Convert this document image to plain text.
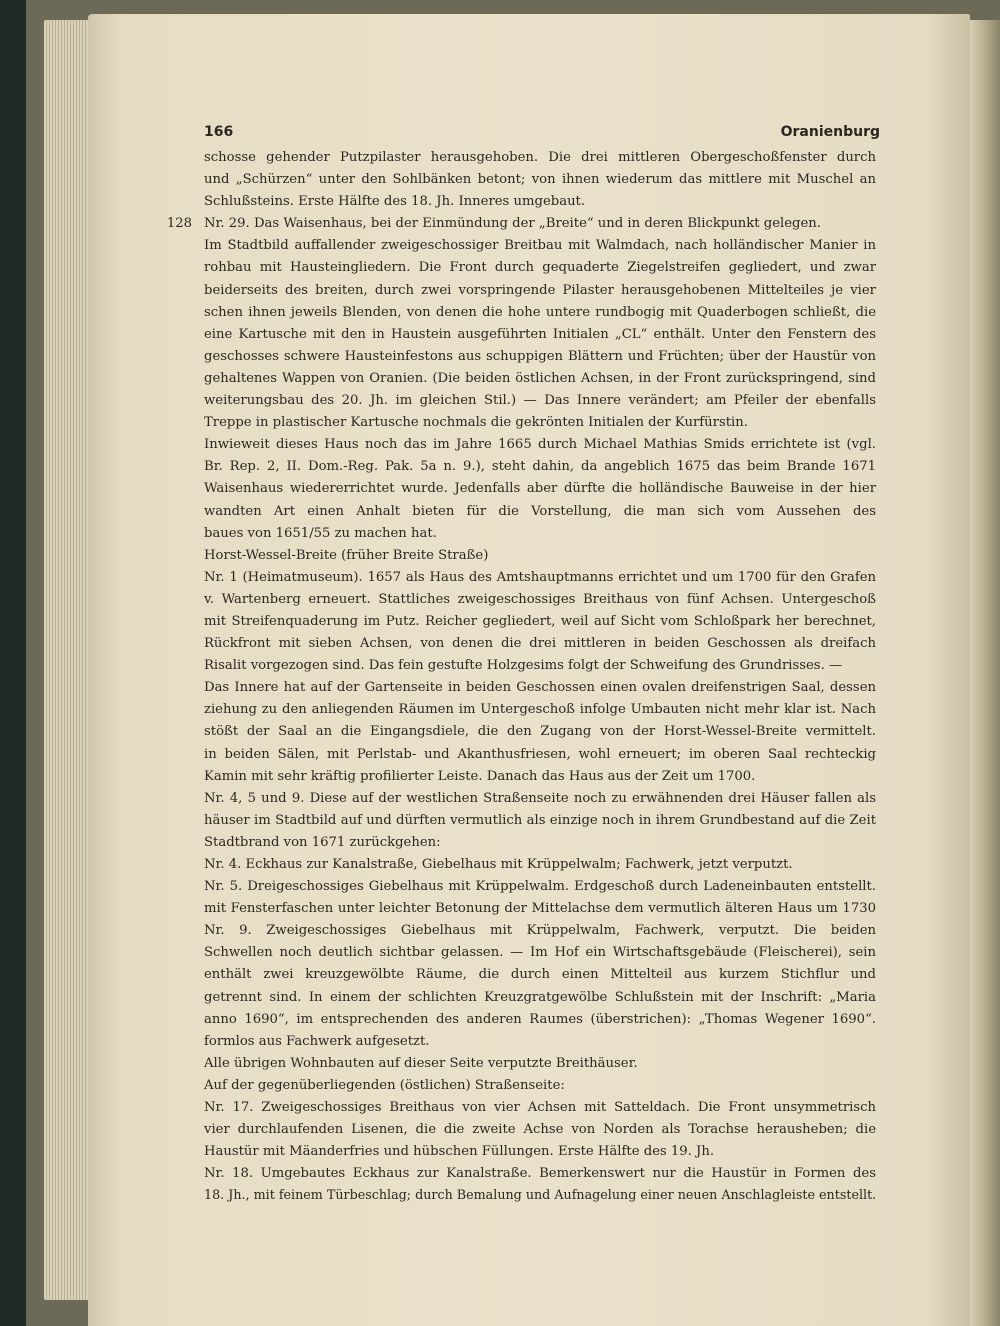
166	Oranienburg
schosse gehender Putzpilaster herausgehoben. Die drei mittleren Obergeschoßfenster durch
und „Schürzen“ unter den Sohlbänken betont; von ihnen wiederum das mittlere mit Muschel an
Schlußsteins. Erste Hälfte des 18. Jh. Inneres umgebaut.
Nr. 29. Das Waisenhaus, bei der Einmündung der „Breite“ und in deren Blickpunkt gelegen.
128
Im Stadtbild auffallender zweigeschossiger Breitbau mit Walmdach, nach holländischer Manier in
rohbau mit Hausteingliedern. Die Front durch gequaderte Ziegelstreifen gegliedert, und zwar
beiderseits des breiten, durch zwei vorspringende Pilaster herausgehobenen Mittelteiles je vier
schen ihnen jeweils Blenden, von denen die hohe untere rundbogig mit Quaderbogen schließt, die
eine Kartusche mit den in Haustein ausgeführten Initialen „CL“ enthält. Unter den Fenstern des
geschosses schwere Hausteinfestons aus schuppigen Blättern und Früchten; über der Haustür von
gehaltenes Wappen von Oranien. (Die beiden östlichen Achsen, in der Front zurückspringend, sind
weiterungsbau des 20. Jh. im gleichen Stil.) — Das Innere verändert; am Pfeiler der ebenfalls
Treppe in plastischer Kartusche nochmals die gekrönten Initialen der Kurfürstin.
Inwieweit dieses Haus noch das im Jahre 1665 durch Michael Mathias Smids errichtete ist (vgl.
Br. Rep. 2, II. Dom.-Reg. Pak. 5a n. 9.), steht dahin, da angeblich 1675 das beim Brande 1671
Waisenhaus wiedererrichtet wurde. Jedenfalls aber dürfte die holländische Bauweise in der hier
wandten Art einen Anhalt bieten für die Vorstellung, die man sich vom Aussehen des
baues von 1651/55 zu machen hat.
Horst-Wessel-Breite (früher Breite Straße)
Nr. 1 (Heimatmuseum). 1657 als Haus des Amtshauptmanns errichtet und um 1700 für den Grafen
v. Wartenberg erneuert. Stattliches zweigeschossiges Breithaus von fünf Achsen. Untergeschoß
mit Streifenquaderung im Putz. Reicher gegliedert, weil auf Sicht vom Schloßpark her berechnet,
Rückfront mit sieben Achsen, von denen die drei mittleren in beiden Geschossen als dreifach
Risalit vorgezogen sind. Das fein gestufte Holzgesims folgt der Schweifung des Grundrisses. —
Das Innere hat auf der Gartenseite in beiden Geschossen einen ovalen dreifenstrigen Saal, dessen
ziehung zu den anliegenden Räumen im Untergeschoß infolge Umbauten nicht mehr klar ist. Nach
stößt der Saal an die Eingangsdiele, die den Zugang von der Horst-Wessel-Breite vermittelt.
in beiden Sälen, mit Perlstab- und Akanthusfriesen, wohl erneuert; im oberen Saal rechteckig
Kamin mit sehr kräftig profilierter Leiste. Danach das Haus aus der Zeit um 1700.
Nr. 4, 5 und 9. Diese auf der westlichen Straßenseite noch zu erwähnenden drei Häuser fallen als
häuser im Stadtbild auf und dürften vermutlich als einzige noch in ihrem Grundbestand auf die Zeit
Stadtbrand von 1671 zurückgehen:
Nr. 4. Eckhaus zur Kanalstraße, Giebelhaus mit Krüppelwalm; Fachwerk, jetzt verputzt.
Nr. 5. Dreigeschossiges Giebelhaus mit Krüppelwalm. Erdgeschoß durch Ladeneinbauten entstellt.
mit Fensterfaschen unter leichter Betonung der Mittelachse dem vermutlich älteren Haus um 1730
Nr. 9. Zweigeschossiges Giebelhaus mit Krüppelwalm, Fachwerk, verputzt. Die beiden
Schwellen noch deutlich sichtbar gelassen. — Im Hof ein Wirtschaftsgebäude (Fleischerei), sein
enthält zwei kreuzgewölbte Räume, die durch einen Mittelteil aus kurzem Stichflur und
getrennt sind. In einem der schlichten Kreuzgratgewölbe Schlußstein mit der Inschrift: „Maria
anno 1690“, im entsprechenden des anderen Raumes (überstrichen): „Thomas Wegener 1690“.
formlos aus Fachwerk aufgesetzt.
Alle übrigen Wohnbauten auf dieser Seite verputzte Breithäuser.
Auf der gegenüberliegenden (östlichen) Straßenseite:
Nr. 17. Zweigeschossiges Breithaus von vier Achsen mit Satteldach. Die Front unsymmetrisch
vier durchlaufenden Lisenen, die die zweite Achse von Norden als Torachse herausheben; die
Haustür mit Mäanderfries und hübschen Füllungen. Erste Hälfte des 19. Jh.
Nr. 18. Umgebautes Eckhaus zur Kanalstraße. Bemerkenswert nur die Haustür in Formen des
18. Jh., mit feinem Türbeschlag; durch Bemalung und Aufnagelung einer neuen Anschlagleiste entstellt.
